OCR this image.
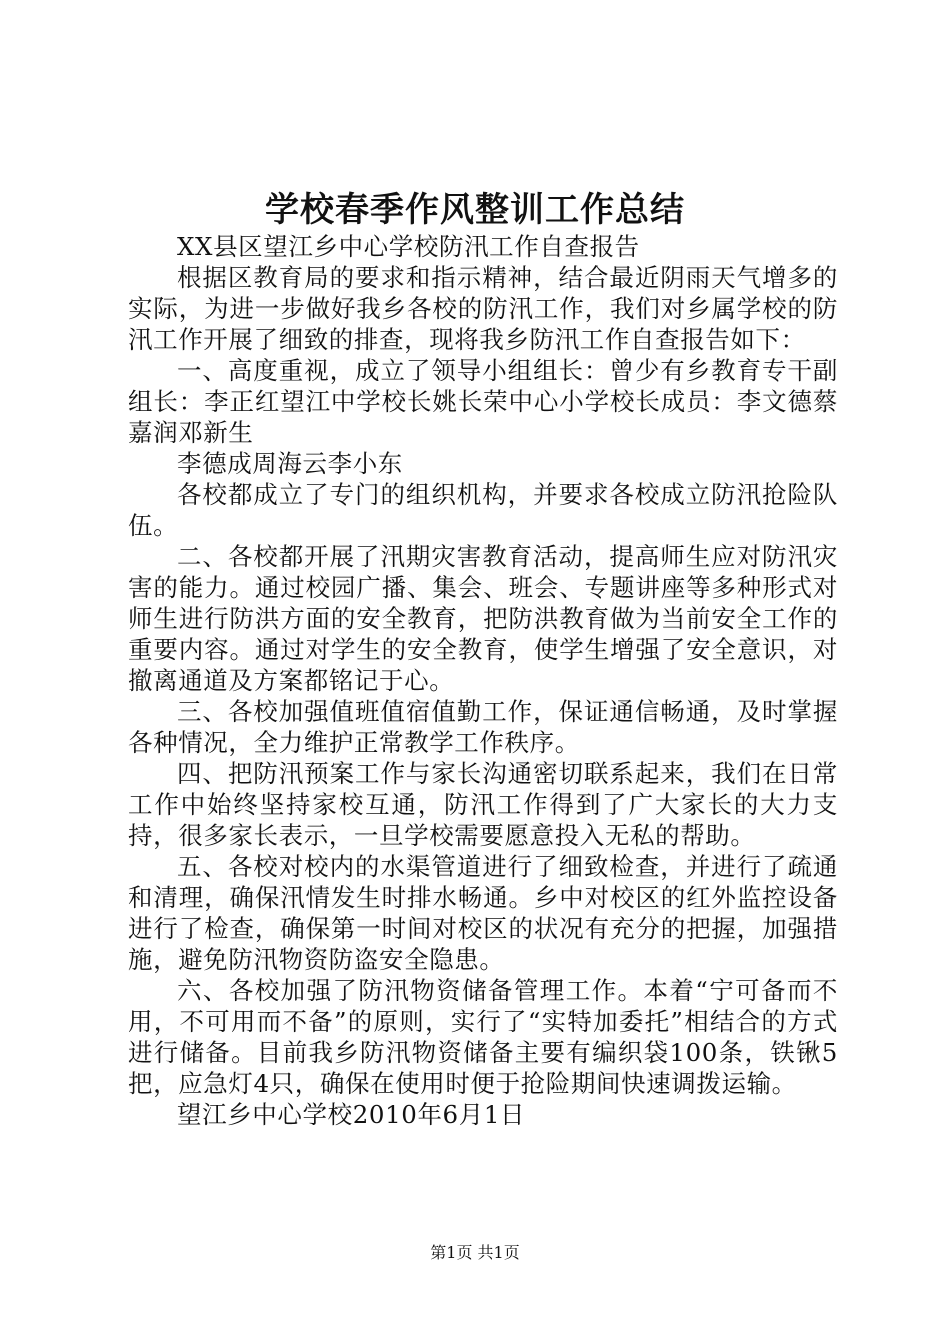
学校春季作风整训工作总结

XX县区望江乡中心学校防汛工作自查报告

根据区教育局的要求和指示精神，结合最近阴雨天气增多的实际，为进一步做好我乡各校的防汛工作，我们对乡属学校的防汛工作开展了细致的排查，现将我乡防汛工作自查报告如下：

一、高度重视，成立了领导小组组长：曾少有乡教育专干副组长：李正红望江中学校长姚长荣中心小学校长成员：李文德蔡嘉润邓新生

李德成周海云李小东

各校都成立了专门的组织机构，并要求各校成立防汛抢险队伍。

二、各校都开展了汛期灾害教育活动，提高师生应对防汛灾害的能力。通过校园广播、集会、班会、专题讲座等多种形式对师生进行防洪方面的安全教育，把防洪教育做为当前安全工作的重要内容。通过对学生的安全教育，使学生增强了安全意识，对撤离通道及方案都铭记于心。

三、各校加强值班值宿值勤工作，保证通信畅通，及时掌握各种情况，全力维护正常教学工作秩序。

四、把防汛预案工作与家长沟通密切联系起来，我们在日常工作中始终坚持家校互通，防汛工作得到了广大家长的大力支持，很多家长表示，一旦学校需要愿意投入无私的帮助。

五、各校对校内的水渠管道进行了细致检查，并进行了疏通和清理，确保汛情发生时排水畅通。乡中对校区的红外监控设备进行了检查，确保第一时间对校区的状况有充分的把握，加强措施，避免防汛物资防盗安全隐患。

六、各校加强了防汛物资储备管理工作。本着“宁可备而不用，不可用而不备”的原则，实行了“实特加委托”相结合的方式进行储备。目前我乡防汛物资储备主要有编织袋100条，铁锹5把，应急灯4只，确保在使用时便于抢险期间快速调拨运输。

望江乡中心学校2010年6月1日

第1页 共1页
